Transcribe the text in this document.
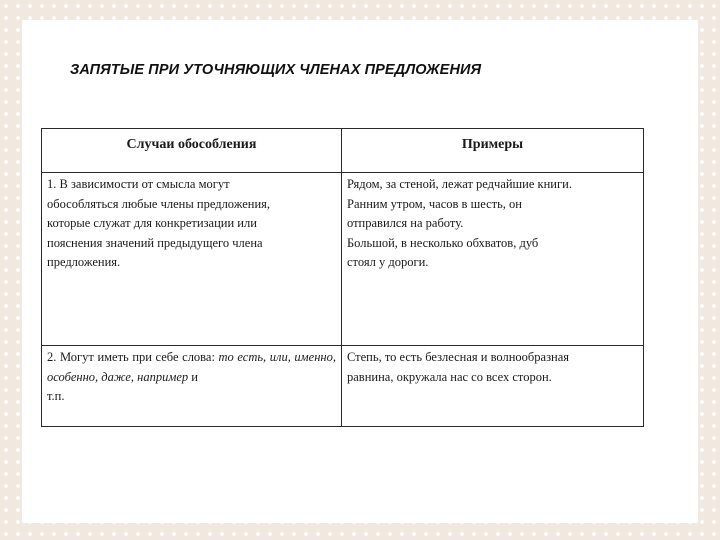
ЗАПЯТЫЕ ПРИ УТОЧНЯЮЩИХ ЧЛЕНАХ ПРЕДЛОЖЕНИЯ
Случаи обособления	Примеры

1. В зависимости от смысла могут
обособляться любые члены предложения,
которые служат для конкретизации или
пояснения значений предыдущего члена
предложения.	Рядом, за стеной, лежат редчайшие книги.
Ранним утром, часов в шесть, он
отправился на работу.
Большой, в несколько обхватов, дуб
стоял у дороги.

2. Могут иметь при себе слова: то есть, или, именно, особенно, даже, например и
т.п.	Степь, то есть безлесная и волнообразная
равнина, окружала нас со всех сторон.
